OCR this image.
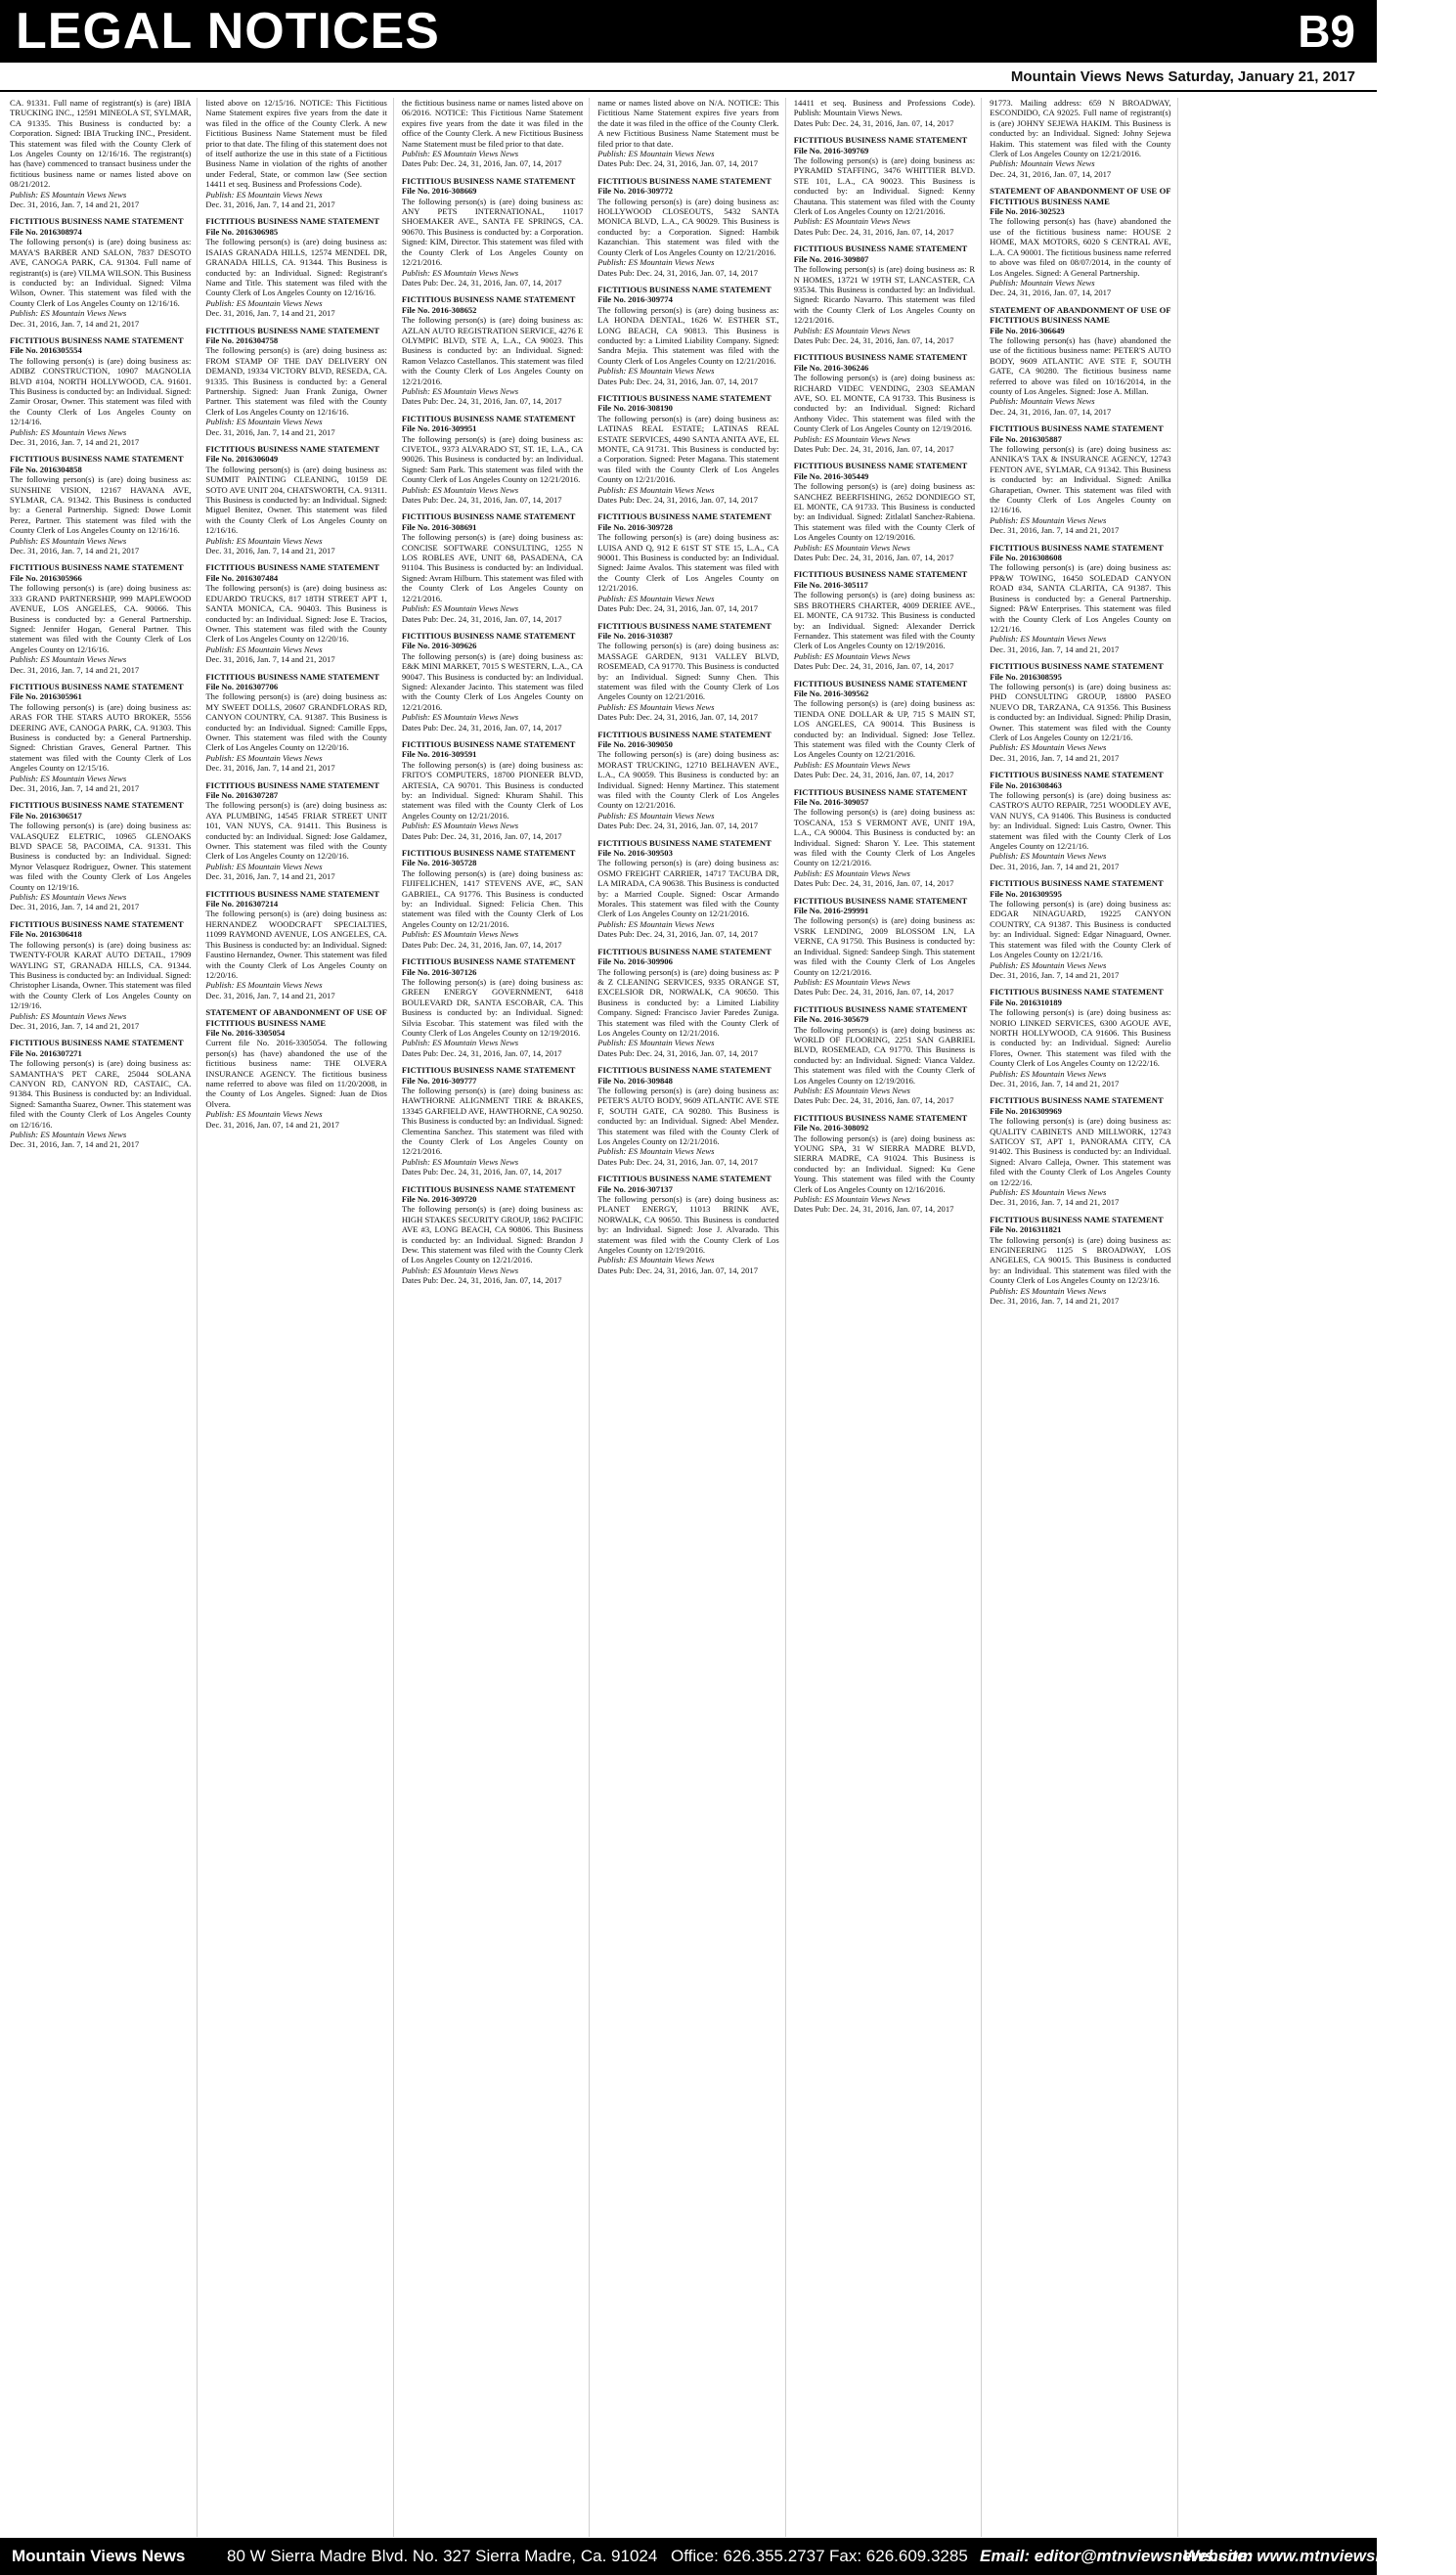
LEGAL NOTICES	B9
Mountain Views News Saturday, January 21, 2017
CA. 91331. Full name of registrant(s) is (are) IBIA TRUCKING INC., 12591 MINEOLA ST, SYLMAR, CA 91335. This Business is conducted by: a Corporation. Signed: IBIA Trucking INC., President. This statement was filed with the County Clerk of Los Angeles County on 12/16/16. The registrant(s) has (have) commenced to transact business under the fictitious business name or names listed above on 08/21/2012.
Publish: ES Mountain Views News
Dec. 31, 2016, Jan. 7, 14 and 21, 2017
FICTITIOUS BUSINESS NAME STATEMENT
File No. 2016308974
The following person(s) is (are) doing business as: MAYA'S BARBER AND SALON, 7837 DESOTO AVE, CANOGA PARK, CA. 91304. Full name of registrant(s) is (are) VILMA WILSON. This Business is conducted by: an Individual. Signed: Vilma Wilson, Owner. This statement was filed with the County Clerk of Los Angeles County on 12/16/16.
Publish: ES Mountain Views News
Dec. 31, 2016, Jan. 7, 14 and 21, 2017
FICTITIOUS BUSINESS NAME STATEMENT
File No. 2016305554
The following person(s) is (are) doing business as: ADIBZ CONSTRUCTION, 10907 MAGNOLIA BLVD #104, NORTH HOLLYWOOD, CA. 91601. This Business is conducted by: an Individual. Signed: Zamir Orosar, Owner. This statement was filed with the County Clerk of Los Angeles County on 12/14/16.
Publish: ES Mountain Views News
Dec. 31, 2016, Jan. 7, 14 and 21, 2017
FICTITIOUS BUSINESS NAME STATEMENT
File No. 2016304858
The following person(s) is (are) doing business as: SUNSHINE VISION, 12167 HAVANA AVE, SYLMAR, CA. 91342. This Business is conducted by: a General Partnership. Signed: Dowe Lomit Perez, Partner. This statement was filed with the County Clerk of Los Angeles County on 12/16/16.
Publish: ES Mountain Views News
Dec. 31, 2016, Jan. 7, 14 and 21, 2017
FICTITIOUS BUSINESS NAME STATEMENT
File No. 2016305966
The following person(s) is (are) doing business as: 333 GRAND PARTNERSHIP, 999 MAPLEWOOD AVENUE, LOS ANGELES, CA. 90066. This Business is conducted by: a General Partnership. Signed: Jennifer Hogan, General Partner. This statement was filed with the County Clerk of Los Angeles County on 12/16/16.
Publish: ES Mountain Views News
Dec. 31, 2016, Jan. 7, 14 and 21, 2017
FICTITIOUS BUSINESS NAME STATEMENT
File No. 2016305961
The following person(s) is (are) doing business as: ARAS FOR THE STARS AUTO BROKER, 5556 DEERING AVE, CANOGA PARK, CA. 91303. This Business is conducted by: a General Partnership. Signed: Christian Graves, General Partner. This statement was filed with the County Clerk of Los Angeles County on 12/15/16.
Publish: ES Mountain Views News
Dec. 31, 2016, Jan. 7, 14 and 21, 2017
FICTITIOUS BUSINESS NAME STATEMENT
File No. 2016306517
The following person(s) is (are) doing business as: VALASQUEZ ELETRIC, 10965 GLENOAKS BLVD SPACE 58, PACOIMA, CA. 91331. This Business is conducted by: an Individual. Signed: Mynor Velasquez Rodriguez, Owner. This statement was filed with the County Clerk of Los Angeles County on 12/19/16.
Publish: ES Mountain Views News
Dec. 31, 2016, Jan. 7, 14 and 21, 2017
FICTITIOUS BUSINESS NAME STATEMENT
File No. 2016306418
The following person(s) is (are) doing business as: TWENTY-FOUR KARAT AUTO DETAIL, 17909 WAYLING ST, GRANADA HILLS, CA. 91344. This Business is conducted by: an Individual. Signed: Christopher Lisanda, Owner. This statement was filed with the County Clerk of Los Angeles County on 12/19/16.
Publish: ES Mountain Views News
Dec. 31, 2016, Jan. 7, 14 and 21, 2017
FICTITIOUS BUSINESS NAME STATEMENT
File No. 2016307271
The following person(s) is (are) doing business as: SAMANTHA'S PET CARE, 25044 SOLANA CANYON RD, CANYON RD, CASTAIC, CA. 91384. This Business is conducted by: an Individual. Signed: Samantha Suarez, Owner. This statement was filed with the County Clerk of Los Angeles County on 12/16/16.
Publish: ES Mountain Views News
Dec. 31, 2016, Jan. 7, 14 and 21, 2017
listed above on 12/15/16. NOTICE: This Fictitious Name Statement expires five years from the date it was filed in the office of the County Clerk. A new Fictitious Business Name Statement must be filed prior to that date. The filing of this statement does not of itself authorize the use in this state of a Fictitious Business Name in violation of the rights of another under Federal, State, or common law (See section 14411 et seq. Business and Professions Code).
Publish: ES Mountain Views News
Dec. 31, 2016, Jan. 7, 14 and 21, 2017
FICTITIOUS BUSINESS NAME STATEMENT
File No. 2016306985
The following person(s) is (are) doing business as: ISAIAS GRANADA HILLS, 12574 MENDEL DR, GRANADA HILLS, CA. 91344. This Business is conducted by: an Individual. Signed: Registrant's Name and Title. This statement was filed with the County Clerk of Los Angeles County on 12/16/16.
Publish: ES Mountain Views News
Dec. 31, 2016, Jan. 7, 14 and 21, 2017
FICTITIOUS BUSINESS NAME STATEMENT
File No. 2016304758
The following person(s) is (are) doing business as: FROM STAMP OF THE DAY DELIVERY ON DEMAND, 19334 VICTORY BLVD, RESEDA, CA. 91335. This Business is conducted by: a General Partnership. Signed: Juan Frank Zuniga, Owner Partner. This statement was filed with the County Clerk of Los Angeles County on 12/16/16.
Publish: ES Mountain Views News
Dec. 31, 2016, Jan. 7, 14 and 21, 2017
FICTITIOUS BUSINESS NAME STATEMENT
File No. 2016306049
The following person(s) is (are) doing business as: SUMMIT PAINTING CLEANING, 10159 DE SOTO AVE UNIT 204, CHATSWORTH, CA. 91311. This Business is conducted by: an Individual. Signed: Miguel Benitez, Owner. This statement was filed with the County Clerk of Los Angeles County on 12/16/16.
Publish: ES Mountain Views News
Dec. 31, 2016, Jan. 7, 14 and 21, 2017
FICTITIOUS BUSINESS NAME STATEMENT
File No. 2016307484
The following person(s) is (are) doing business as: EDUARDO TRUCKS, 817 18TH STREET APT 1, SANTA MONICA, CA. 90403. This Business is conducted by: an Individual. Signed: Jose E. Tracios, Owner. This statement was filed with the County Clerk of Los Angeles County on 12/20/16.
Publish: ES Mountain Views News
Dec. 31, 2016, Jan. 7, 14 and 21, 2017
FICTITIOUS BUSINESS NAME STATEMENT
File No. 2016307706
The following person(s) is (are) doing business as: MY SWEET DOLLS, 20607 GRANDFLORAS RD, CANYON COUNTRY, CA. 91387. This Business is conducted by: an Individual. Signed: Camille Epps, Owner. This statement was filed with the County Clerk of Los Angeles County on 12/20/16.
Publish: ES Mountain Views News
Dec. 31, 2016, Jan. 7, 14 and 21, 2017
FICTITIOUS BUSINESS NAME STATEMENT
File No. 2016307287
The following person(s) is (are) doing business as: AYA PLUMBING, 14545 FRIAR STREET UNIT 101, VAN NUYS, CA. 91411. This Business is conducted by: an Individual. Signed: Jose Galdamez, Owner. This statement was filed with the County Clerk of Los Angeles County on 12/20/16.
Publish: ES Mountain Views News
Dec. 31, 2016, Jan. 7, 14 and 21, 2017
FICTITIOUS BUSINESS NAME STATEMENT
File No. 2016307214
The following person(s) is (are) doing business as: HERNANDEZ WOODCRAFT SPECIALTIES, 11099 RAYMOND AVENUE, LOS ANGELES, CA. This Business is conducted by: an Individual. Signed: Faustino Hernandez, Owner. This statement was filed with the County Clerk of Los Angeles County on 12/20/16.
Publish: ES Mountain Views News
Dec. 31, 2016, Jan. 7, 14 and 21, 2017
STATEMENT OF ABANDONMENT OF USE OF FICTITIOUS BUSINESS NAME
File No. 2016-3305054
Current file No. 2016-3305054. The following person(s) has (have) abandoned the use of the fictitious business name: THE OLVERA INSURANCE AGENCY. The fictitious business name referred to above was filed on 11/20/2008, in the County of Los Angeles. Signed: Juan de Dios Olvera.
Publish: ES Mountain Views News
Dec. 31, 2016, Jan. 07, 14 and 21, 2017
the fictitious business name or names listed above on 06/2016. NOTICE: This Fictitious Name Statement expires five years from the date it was filed in the office of the County Clerk. A new Fictitious Business Name Statement must be filed prior to that date.
Publish: ES Mountain Views News
Dates Pub: Dec. 24, 31, 2016, Jan. 07, 14, 2017
FICTITIOUS BUSINESS NAME STATEMENT
File No. 2016-308669
The following person(s) is (are) doing business as: ANY PETS INTERNATIONAL, 11017 SHOEMAKER AVE., SANTA FE SPRINGS, CA. 90670. This Business is conducted by: a Corporation. Signed: KIM, Director. This statement was filed with the County Clerk of Los Angeles County on 12/21/2016.
Publish: ES Mountain Views News
Dates Pub: Dec. 24, 31, 2016, Jan. 07, 14, 2017
FICTITIOUS BUSINESS NAME STATEMENT
File No. 2016-308652
The following person(s) is (are) doing business as: AZLAN AUTO REGISTRATION SERVICE, 4276 E OLYMPIC BLVD, STE A, L.A., CA 90023. This Business is conducted by: an Individual. Signed: Ramon Velazco Castellanos. This statement was filed with the County Clerk of Los Angeles County on 12/21/2016.
Publish: ES Mountain Views News
Dates Pub: Dec. 24, 31, 2016, Jan. 07, 14, 2017
FICTITIOUS BUSINESS NAME STATEMENT
File No. 2016-309951
The following person(s) is (are) doing business as: CIVETOL, 9373 ALVARADO ST, ST. 1E, L.A., CA 90026. This Business is conducted by: an Individual. Signed: Sam Park. This statement was filed with the County Clerk of Los Angeles County on 12/21/2016.
Publish: ES Mountain Views News
Dates Pub: Dec. 24, 31, 2016, Jan. 07, 14, 2017
FICTITIOUS BUSINESS NAME STATEMENT
File No. 2016-308691
The following person(s) is (are) doing business as: CONCISE SOFTWARE CONSULTING, 1255 N LOS ROBLES AVE, UNIT 68, PASADENA, CA 91104. This Business is conducted by: an Individual. Signed: Avram Hilburn. This statement was filed with the County Clerk of Los Angeles County on 12/21/2016.
Publish: ES Mountain Views News
Dates Pub: Dec. 24, 31, 2016, Jan. 07, 14, 2017
FICTITIOUS BUSINESS NAME STATEMENT
File No. 2016-309626
The following person(s) is (are) doing business as: E&K MINI MARKET, 7015 S WESTERN, L.A., CA 90047. This Business is conducted by: an Individual. Signed: Alexander Jacinto. This statement was filed with the County Clerk of Los Angeles County on 12/21/2016.
Publish: ES Mountain Views News
Dates Pub: Dec. 24, 31, 2016, Jan. 07, 14, 2017
FICTITIOUS BUSINESS NAME STATEMENT
File No. 2016-309591
The following person(s) is (are) doing business as: FRITO'S COMPUTERS, 18700 PIONEER BLVD, ARTESIA, CA 90701. This Business is conducted by: an Individual. Signed: Khuram Shahil. This statement was filed with the County Clerk of Los Angeles County on 12/21/2016.
Publish: ES Mountain Views News
Dates Pub: Dec. 24, 31, 2016, Jan. 07, 14, 2017
FICTITIOUS BUSINESS NAME STATEMENT
File No. 2016-305728
The following person(s) is (are) doing business as: FIJIFELICHEN, 1417 STEVENS AVE, #C, SAN GABRIEL, CA 91776. This Business is conducted by: an Individual. Signed: Felicia Chen. This statement was filed with the County Clerk of Los Angeles County on 12/21/2016.
Publish: ES Mountain Views News
Dates Pub: Dec. 24, 31, 2016, Jan. 07, 14, 2017
FICTITIOUS BUSINESS NAME STATEMENT
File No. 2016-307126
The following person(s) is (are) doing business as: GREEN ENERGY GOVERNMENT, 6418 BOULEVARD DR, SANTA ESCOBAR, CA. This Business is conducted by: an Individual. Signed: Silvia Escobar. This statement was filed with the County Clerk of Los Angeles County on 12/19/2016.
Publish: ES Mountain Views News
Dates Pub: Dec. 24, 31, 2016, Jan. 07, 14, 2017
FICTITIOUS BUSINESS NAME STATEMENT
File No. 2016-309777
The following person(s) is (are) doing business as: HAWTHORNE ALIGNMENT TIRE & BRAKES, 13345 GARFIELD AVE, HAWTHORNE, CA 90250. This Business is conducted by: an Individual. Signed: Clementina Sanchez. This statement was filed with the County Clerk of Los Angeles County on 12/21/2016.
Publish: ES Mountain Views News
Dates Pub: Dec. 24, 31, 2016, Jan. 07, 14, 2017
FICTITIOUS BUSINESS NAME STATEMENT
File No. 2016-309720
The following person(s) is (are) doing business as: HIGH STAKES SECURITY GROUP, 1862 PACIFIC AVE #3, LONG BEACH, CA 90806. This Business is conducted by: an Individual. Signed: Brandon J Dew. This statement was filed with the County Clerk of Los Angeles County on 12/21/2016.
Publish: ES Mountain Views News
Dates Pub: Dec. 24, 31, 2016, Jan. 07, 14, 2017
name or names listed above on N/A. NOTICE: This Fictitious Name Statement expires five years from the date it was filed in the office of the County Clerk. A new Fictitious Business Name Statement must be filed prior to that date.
Publish: ES Mountain Views News
Dates Pub: Dec. 24, 31, 2016, Jan. 07, 14, 2017
FICTITIOUS BUSINESS NAME STATEMENT
File No. 2016-309772
The following person(s) is (are) doing business as: HOLLYWOOD CLOSEOUTS, 5432 SANTA MONICA BLVD, L.A., CA 90029. This Business is conducted by: a Corporation. Signed: Hambik Kazanchian. This statement was filed with the County Clerk of Los Angeles County on 12/21/2016.
Publish: ES Mountain Views News
Dates Pub: Dec. 24, 31, 2016, Jan. 07, 14, 2017
FICTITIOUS BUSINESS NAME STATEMENT
File No. 2016-309774
The following person(s) is (are) doing business as: LA HONDA DENTAL, 1626 W. ESTHER ST., LONG BEACH, CA 90813. This Business is conducted by: a Limited Liability Company. Signed: Sandra Mejia. This statement was filed with the County Clerk of Los Angeles County on 12/21/2016.
Publish: ES Mountain Views News
Dates Pub: Dec. 24, 31, 2016, Jan. 07, 14, 2017
FICTITIOUS BUSINESS NAME STATEMENT
File No. 2016-308190
The following person(s) is (are) doing business as: LATINAS REAL ESTATE; LATINAS REAL ESTATE SERVICES, 4490 SANTA ANITA AVE, EL MONTE, CA 91731. This Business is conducted by: a Corporation. Signed: Peter Magana. This statement was filed with the County Clerk of Los Angeles County on 12/21/2016.
Publish: ES Mountain Views News
Dates Pub: Dec. 24, 31, 2016, Jan. 07, 14, 2017
FICTITIOUS BUSINESS NAME STATEMENT
File No. 2016-309728
The following person(s) is (are) doing business as: LUISA AND Q, 912 E 61ST ST STE 15, L.A., CA 90001. This Business is conducted by: an Individual. Signed: Jaime Avalos. This statement was filed with the County Clerk of Los Angeles County on 12/21/2016.
Publish: ES Mountain Views News
Dates Pub: Dec. 24, 31, 2016, Jan. 07, 14, 2017
FICTITIOUS BUSINESS NAME STATEMENT
File No. 2016-310387
The following person(s) is (are) doing business as: MASSAGE GARDEN, 9131 VALLEY BLVD, ROSEMEAD, CA 91770. This Business is conducted by: an Individual. Signed: Sunny Chen. This statement was filed with the County Clerk of Los Angeles County on 12/21/2016.
Publish: ES Mountain Views News
Dates Pub: Dec. 24, 31, 2016, Jan. 07, 14, 2017
FICTITIOUS BUSINESS NAME STATEMENT
File No. 2016-309050
The following person(s) is (are) doing business as: MORAST TRUCKING, 12710 BELHAVEN AVE., L.A., CA 90059. This Business is conducted by: an Individual. Signed: Henny Martinez. This statement was filed with the County Clerk of Los Angeles County on 12/21/2016.
Publish: ES Mountain Views News
Dates Pub: Dec. 24, 31, 2016, Jan. 07, 14, 2017
FICTITIOUS BUSINESS NAME STATEMENT
File No. 2016-309503
The following person(s) is (are) doing business as: OSMO FREIGHT CARRIER, 14717 TACUBA DR, LA MIRADA, CA 90638. This Business is conducted by: a Married Couple. Signed: Oscar Armando Morales. This statement was filed with the County Clerk of Los Angeles County on 12/21/2016.
Publish: ES Mountain Views News
Dates Pub: Dec. 24, 31, 2016, Jan. 07, 14, 2017
FICTITIOUS BUSINESS NAME STATEMENT
File No. 2016-309906
The following person(s) is (are) doing business as: P & Z CLEANING SERVICES, 9335 ORANGE ST, EXCELSIOR DR, NORWALK, CA 90650. This Business is conducted by: a Limited Liability Company. Signed: Francisco Javier Paredes Zuniga. This statement was filed with the County Clerk of Los Angeles County on 12/21/2016.
Publish: ES Mountain Views News
Dates Pub: Dec. 24, 31, 2016, Jan. 07, 14, 2017
FICTITIOUS BUSINESS NAME STATEMENT
File No. 2016-309848
The following person(s) is (are) doing business as: PETER'S AUTO BODY, 9609 ATLANTIC AVE STE F, SOUTH GATE, CA 90280. This Business is conducted by: an Individual. Signed: Abel Mendez. This statement was filed with the County Clerk of Los Angeles County on 12/21/2016.
Publish: ES Mountain Views News
Dates Pub: Dec. 24, 31, 2016, Jan. 07, 14, 2017
FICTITIOUS BUSINESS NAME STATEMENT
File No. 2016-307137
The following person(s) is (are) doing business as: PLANET ENERGY, 11013 BRINK AVE, NORWALK, CA 90650. This Business is conducted by: an Individual. Signed: Jose J. Alvarado. This statement was filed with the County Clerk of Los Angeles County on 12/19/2016.
Publish: ES Mountain Views News
Dates Pub: Dec. 24, 31, 2016, Jan. 07, 14, 2017
14411 et seq. Business and Professions Code). Publish: Mountain Views News.
Dates Pub: Dec. 24, 31, 2016, Jan. 07, 14, 2017
FICTITIOUS BUSINESS NAME STATEMENT
File No. 2016-309769
The following person(s) is (are) doing business as: PYRAMID STAFFING, 3476 WHITTIER BLVD. STE 101, L.A., CA 90023. This Business is conducted by: an Individual. Signed: Kenny Chautana. This statement was filed with the County Clerk of Los Angeles County on 12/21/2016.
Publish: ES Mountain Views News
Dates Pub: Dec. 24, 31, 2016, Jan. 07, 14, 2017
FICTITIOUS BUSINESS NAME STATEMENT
File No. 2016-309807
The following person(s) is (are) doing business as: R N HOMES, 13721 W 19TH ST, LANCASTER, CA 93534. This Business is conducted by: an Individual. Signed: Ricardo Navarro. This statement was filed with the County Clerk of Los Angeles County on 12/21/2016.
Publish: ES Mountain Views News
Dates Pub: Dec. 24, 31, 2016, Jan. 07, 14, 2017
FICTITIOUS BUSINESS NAME STATEMENT
File No. 2016-306246
The following person(s) is (are) doing business as: RICHARD VIDEC VENDING, 2303 SEAMAN AVE, SO. EL MONTE, CA 91733. This Business is conducted by: an Individual. Signed: Richard Anthony Videc. This statement was filed with the County Clerk of Los Angeles County on 12/19/2016.
Publish: ES Mountain Views News
Dates Pub: Dec. 24, 31, 2016, Jan. 07, 14, 2017
FICTITIOUS BUSINESS NAME STATEMENT
File No. 2016-305449
The following person(s) is (are) doing business as: SANCHEZ BEERFISHING, 2652 DONDIEGO ST, EL MONTE, CA 91733. This Business is conducted by: an Individual. Signed: Zitlalatl Sanchez-Rabiena. This statement was filed with the County Clerk of Los Angeles County on 12/19/2016.
Publish: ES Mountain Views News
Dates Pub: Dec. 24, 31, 2016, Jan. 07, 14, 2017
FICTITIOUS BUSINESS NAME STATEMENT
File No. 2016-305117
The following person(s) is (are) doing business as: SBS BROTHERS CHARTER, 4009 DERIEE AVE., EL MONTE, CA 91732. This Business is conducted by: an Individual. Signed: Alexander Derrick Fernandez. This statement was filed with the County Clerk of Los Angeles County on 12/19/2016.
Publish: ES Mountain Views News
Dates Pub: Dec. 24, 31, 2016, Jan. 07, 14, 2017
FICTITIOUS BUSINESS NAME STATEMENT
File No. 2016-309562
The following person(s) is (are) doing business as: TIENDA ONE DOLLAR & UP, 715 S MAIN ST, LOS ANGELES, CA 90014. This Business is conducted by: an Individual. Signed: Jose Tellez. This statement was filed with the County Clerk of Los Angeles County on 12/21/2016.
Publish: ES Mountain Views News
Dates Pub: Dec. 24, 31, 2016, Jan. 07, 14, 2017
FICTITIOUS BUSINESS NAME STATEMENT
File No. 2016-309057
The following person(s) is (are) doing business as: TOSCANA, 153 S VERMONT AVE, UNIT 19A, L.A., CA 90004. This Business is conducted by: an Individual. Signed: Sharon Y. Lee. This statement was filed with the County Clerk of Los Angeles County on 12/21/2016.
Publish: ES Mountain Views News
Dates Pub: Dec. 24, 31, 2016, Jan. 07, 14, 2017
FICTITIOUS BUSINESS NAME STATEMENT
File No. 2016-299991
The following person(s) is (are) doing business as: VSRK LENDING, 2009 BLOSSOM LN, LA VERNE, CA 91750. This Business is conducted by: an Individual. Signed: Sandeep Singh. This statement was filed with the County Clerk of Los Angeles County on 12/21/2016.
Publish: ES Mountain Views News
Dates Pub: Dec. 24, 31, 2016, Jan. 07, 14, 2017
FICTITIOUS BUSINESS NAME STATEMENT
File No. 2016-305679
The following person(s) is (are) doing business as: WORLD OF FLOORING, 2251 SAN GABRIEL BLVD, ROSEMEAD, CA 91770. This Business is conducted by: an Individual. Signed: Vianca Valdez. This statement was filed with the County Clerk of Los Angeles County on 12/19/2016.
Publish: ES Mountain Views News
Dates Pub: Dec. 24, 31, 2016, Jan. 07, 14, 2017
FICTITIOUS BUSINESS NAME STATEMENT
File No. 2016-308092
The following person(s) is (are) doing business as: YOUNG SPA, 31 W SIERRA MADRE BLVD, SIERRA MADRE, CA 91024. This Business is conducted by: an Individual. Signed: Ku Gene Young. This statement was filed with the County Clerk of Los Angeles County on 12/16/2016.
Publish: ES Mountain Views News
Dates Pub: Dec. 24, 31, 2016, Jan. 07, 14, 2017
91773. Mailing address: 659 N BROADWAY, ESCONDIDO, CA 92025. Full name of registrant(s) is (are) JOHNY SEJEWA HAKIM. This Business is conducted by: an Individual. Signed: Johny Sejewa Hakim. This statement was filed with the County Clerk of Los Angeles County on 12/21/2016.
Publish: Mountain Views News
Dec. 24, 31, 2016, Jan. 07, 14, 2017
STATEMENT OF ABANDONMENT OF USE OF FICTITIOUS BUSINESS NAME
File No. 2016-302523
The following person(s) has (have) abandoned the use of the fictitious business name: HOUSE 2 HOME, MAX MOTORS, 6020 S CENTRAL AVE, L.A. CA 90001. The fictitious business name referred to above was filed on 08/07/2014, in the county of Los Angeles. Signed: A General Partnership.
Publish: Mountain Views News
Dec. 24, 31, 2016, Jan. 07, 14, 2017
STATEMENT OF ABANDONMENT OF USE OF FICTITIOUS BUSINESS NAME
File No. 2016-306649
The following person(s) has (have) abandoned the use of the fictitious business name: PETER'S AUTO BODY, 9609 ATLANTIC AVE STE F, SOUTH GATE, CA 90280. The fictitious business name referred to above was filed on 10/16/2014, in the county of Los Angeles. Signed: Jose A. Millan.
Publish: Mountain Views News
Dec. 24, 31, 2016, Jan. 07, 14, 2017
FICTITIOUS BUSINESS NAME STATEMENT
File No. 2016305887
The following person(s) is (are) doing business as: ANNIKA'S TAX & INSURANCE AGENCY, 12743 FENTON AVE, SYLMAR, CA 91342. This Business is conducted by: an Individual. Signed: Anilka Gharapetian, Owner. This statement was filed with the County Clerk of Los Angeles County on 12/16/16.
Publish: ES Mountain Views News
Dec. 31, 2016, Jan. 7, 14 and 21, 2017
FICTITIOUS BUSINESS NAME STATEMENT
File No. 2016308608
The following person(s) is (are) doing business as: PP&W TOWING, 16450 SOLEDAD CANYON ROAD #34, SANTA CLARITA, CA 91387. This Business is conducted by: a General Partnership. Signed: P&W Enterprises. This statement was filed with the County Clerk of Los Angeles County on 12/21/16.
Publish: ES Mountain Views News
Dec. 31, 2016, Jan. 7, 14 and 21, 2017
FICTITIOUS BUSINESS NAME STATEMENT
File No. 2016308595
The following person(s) is (are) doing business as: PHD CONSULTING GROUP, 18800 PASEO NUEVO DR, TARZANA, CA 91356. This Business is conducted by: an Individual. Signed: Philip Drasin, Owner. This statement was filed with the County Clerk of Los Angeles County on 12/21/16.
Publish: ES Mountain Views News
Dec. 31, 2016, Jan. 7, 14 and 21, 2017
FICTITIOUS BUSINESS NAME STATEMENT
File No. 2016308463
The following person(s) is (are) doing business as: CASTRO'S AUTO REPAIR, 7251 WOODLEY AVE, VAN NUYS, CA 91406. This Business is conducted by: an Individual. Signed: Luis Castro, Owner. This statement was filed with the County Clerk of Los Angeles County on 12/21/16.
Publish: ES Mountain Views News
Dec. 31, 2016, Jan. 7, 14 and 21, 2017
FICTITIOUS BUSINESS NAME STATEMENT
File No. 2016309595
The following person(s) is (are) doing business as: EDGAR NINAGUARD, 19225 CANYON COUNTRY, CA 91387. This Business is conducted by: an Individual. Signed: Edgar Ninaguard, Owner. This statement was filed with the County Clerk of Los Angeles County on 12/21/16.
Publish: ES Mountain Views News
Dec. 31, 2016, Jan. 7, 14 and 21, 2017
FICTITIOUS BUSINESS NAME STATEMENT
File No. 2016310189
The following person(s) is (are) doing business as: NORIO LINKED SERVICES, 6300 AGOUE AVE, NORTH HOLLYWOOD, CA 91606. This Business is conducted by: an Individual. Signed: Aurelio Flores, Owner. This statement was filed with the County Clerk of Los Angeles County on 12/22/16.
Publish: ES Mountain Views News
Dec. 31, 2016, Jan. 7, 14 and 21, 2017
FICTITIOUS BUSINESS NAME STATEMENT
File No. 2016309969
The following person(s) is (are) doing business as: QUALITY CABINETS AND MILLWORK, 12743 SATICOY ST, APT 1, PANORAMA CITY, CA 91402. This Business is conducted by: an Individual. Signed: Alvaro Calleja, Owner. This statement was filed with the County Clerk of Los Angeles County on 12/22/16.
Publish: ES Mountain Views News
Dec. 31, 2016, Jan. 7, 14 and 21, 2017
FICTITIOUS BUSINESS NAME STATEMENT
File No. 2016311821
The following person(s) is (are) doing business as: ENGINEERING 1125 S BROADWAY, LOS ANGELES, CA 90015. This Business is conducted by: an Individual. This statement was filed with the County Clerk of Los Angeles County on 12/23/16.
Publish: ES Mountain Views News
Dec. 31, 2016, Jan. 7, 14 and 21, 2017
Mountain Views News	80 W Sierra Madre Blvd. No. 327 Sierra Madre, Ca. 91024 Office: 626.355.2737 Fax: 626.609.3285 Email: editor@mtnviewsnews.com
Website: www.mtnviewsnews.com
